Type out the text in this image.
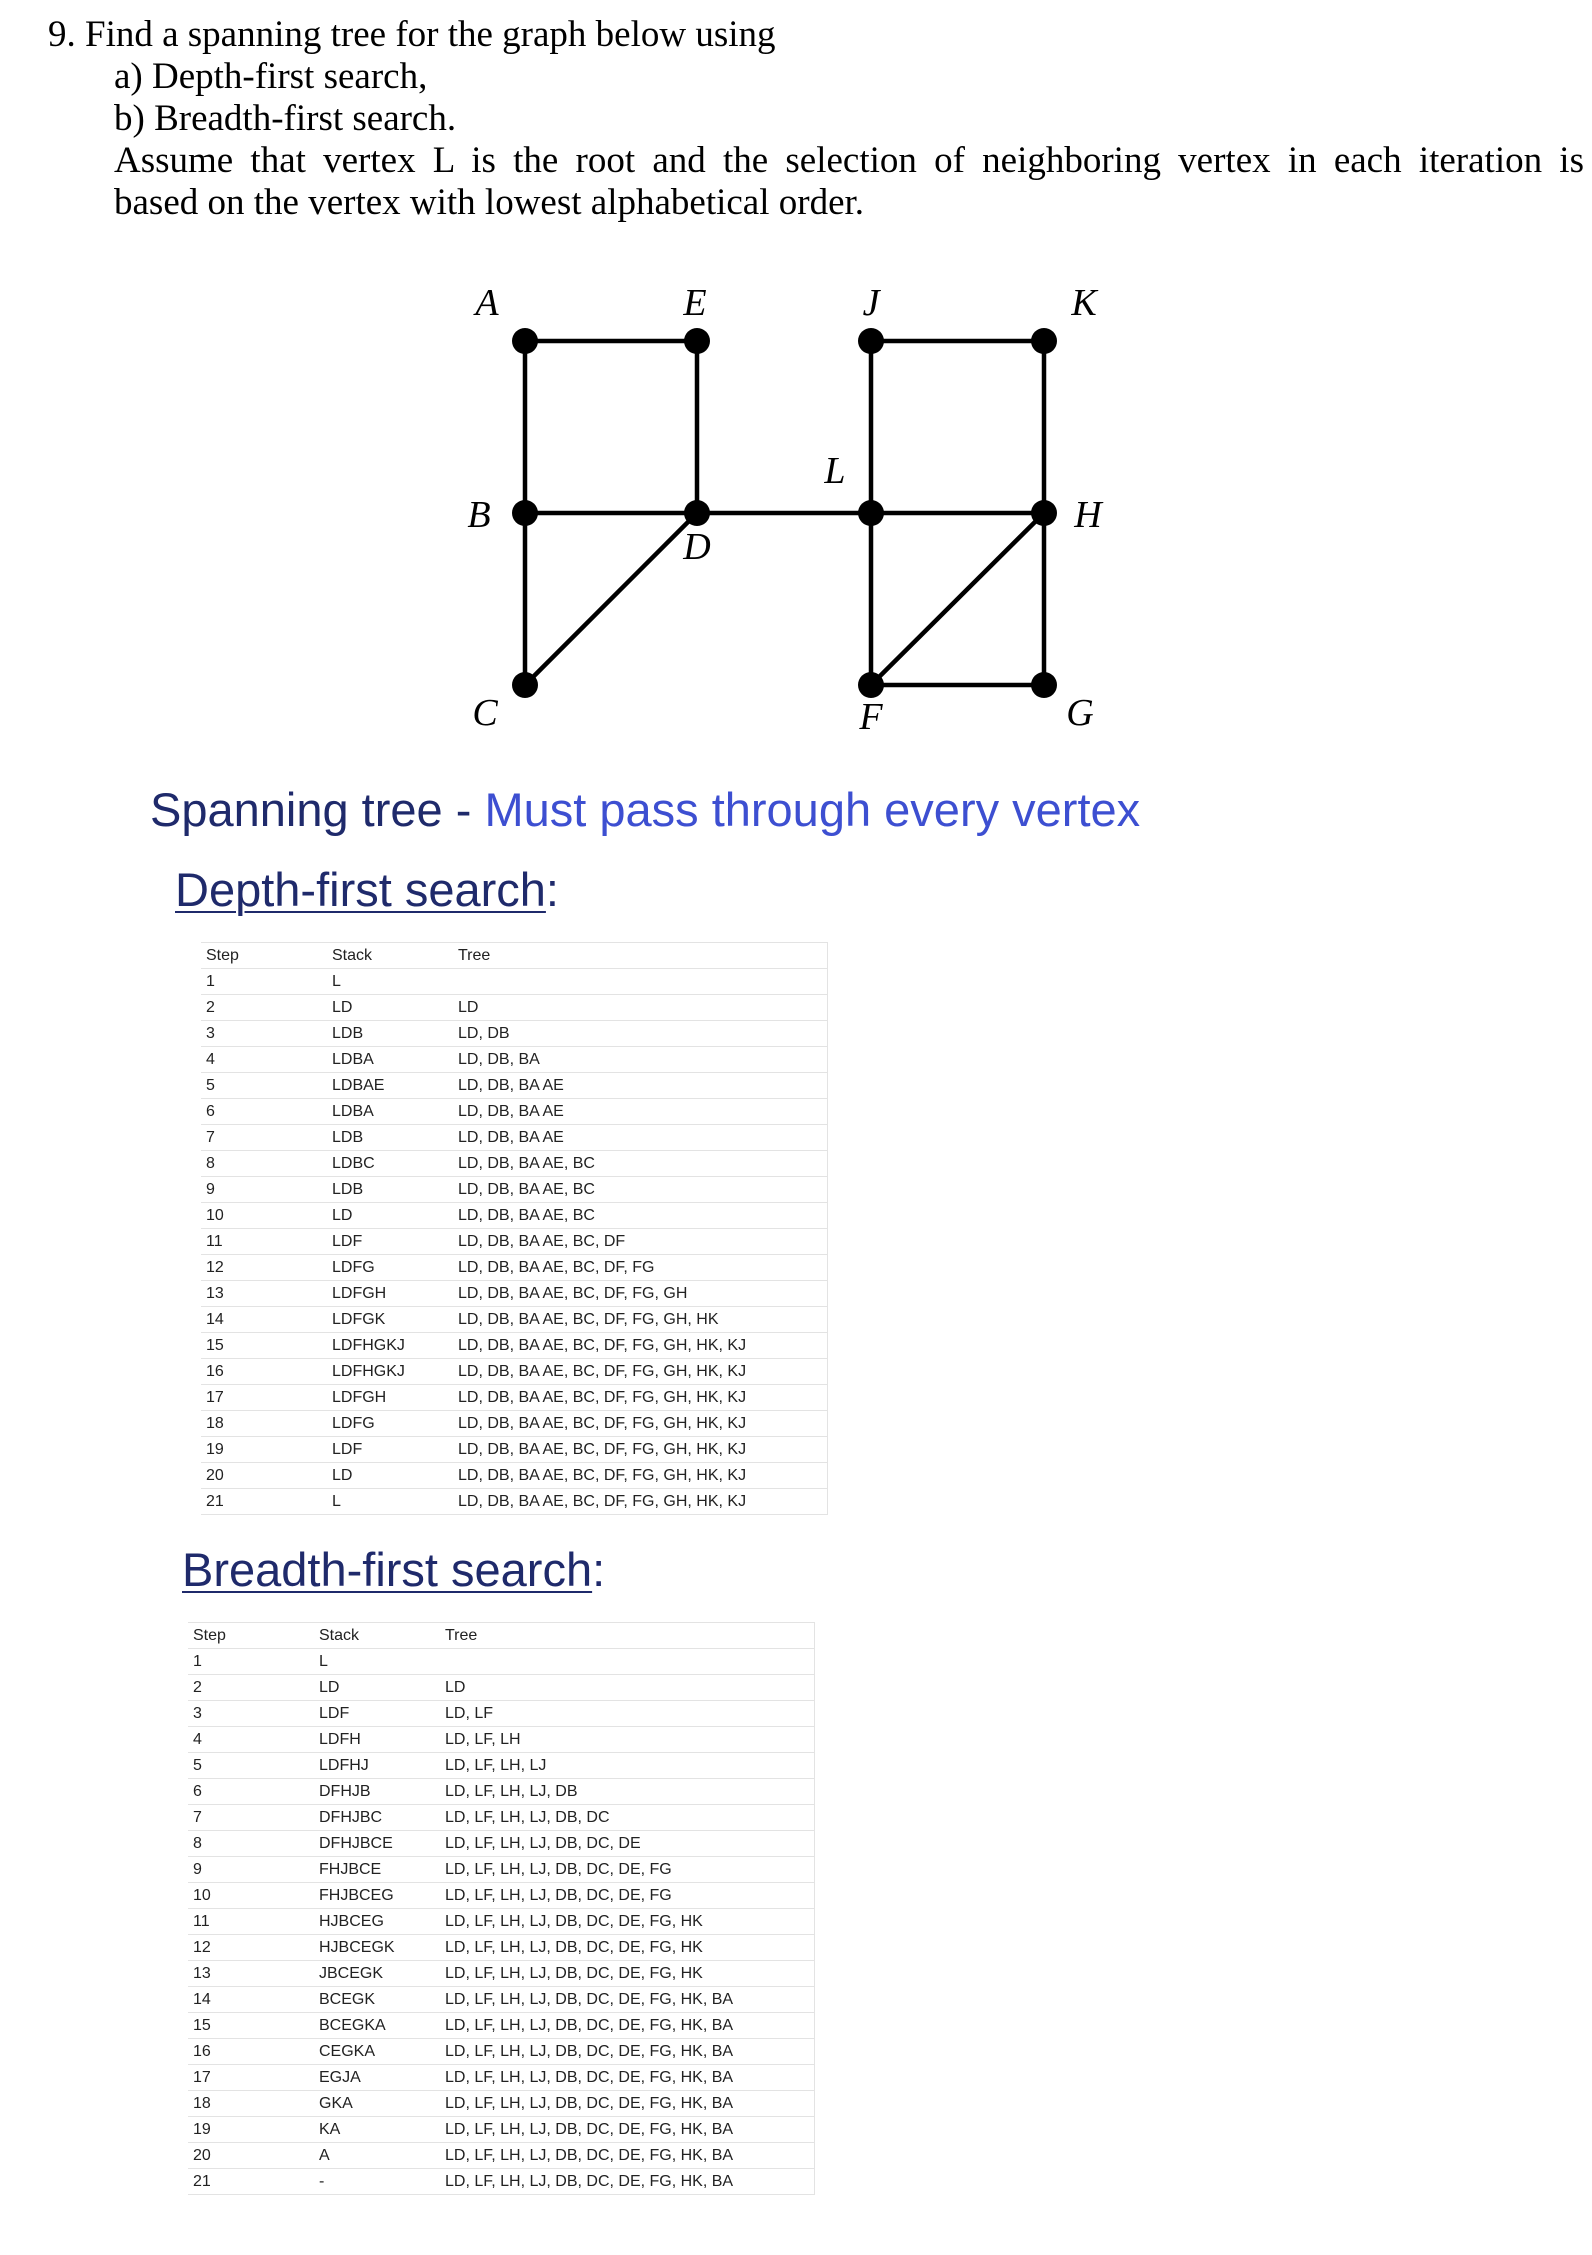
9. Find a spanning tree for the graph below using
a) Depth-first search,
b) Breadth-first search.
Assume that vertex L is the root and the selection of neighboring vertex in each iteration is
based on the vertex with lowest alphabetical order.
A	E	J	K
B
D
L
H
C	F	G
Spanning tree - Must pass through every vertex
Depth-first search:
Step	Stack	Tree
1	L	
2	LD	LD
3	LDB	LD, DB
4	LDBA	LD, DB, BA
5	LDBAE	LD, DB, BA AE
6	LDBA	LD, DB, BA AE
7	LDB	LD, DB, BA AE
8	LDBC	LD, DB, BA AE, BC
9	LDB	LD, DB, BA AE, BC
10	LD	LD, DB, BA AE, BC
11	LDF	LD, DB, BA AE, BC, DF
12	LDFG	LD, DB, BA AE, BC, DF, FG
13	LDFGH	LD, DB, BA AE, BC, DF, FG, GH
14	LDFGK	LD, DB, BA AE, BC, DF, FG, GH, HK
15	LDFHGKJ	LD, DB, BA AE, BC, DF, FG, GH, HK, KJ
16	LDFHGKJ	LD, DB, BA AE, BC, DF, FG, GH, HK, KJ
17	LDFGH	LD, DB, BA AE, BC, DF, FG, GH, HK, KJ
18	LDFG	LD, DB, BA AE, BC, DF, FG, GH, HK, KJ
19	LDF	LD, DB, BA AE, BC, DF, FG, GH, HK, KJ
20	LD	LD, DB, BA AE, BC, DF, FG, GH, HK, KJ
21	L	LD, DB, BA AE, BC, DF, FG, GH, HK, KJ
Breadth-first search:
Step	Stack	Tree
1	L	
2	LD	LD
3	LDF	LD, LF
4	LDFH	LD, LF, LH
5	LDFHJ	LD, LF, LH, LJ
6	DFHJB	LD, LF, LH, LJ, DB
7	DFHJBC	LD, LF, LH, LJ, DB, DC
8	DFHJBCE	LD, LF, LH, LJ, DB, DC, DE
9	FHJBCE	LD, LF, LH, LJ, DB, DC, DE, FG
10	FHJBCEG	LD, LF, LH, LJ, DB, DC, DE, FG
11	HJBCEG	LD, LF, LH, LJ, DB, DC, DE, FG, HK
12	HJBCEGK	LD, LF, LH, LJ, DB, DC, DE, FG, HK
13	JBCEGK	LD, LF, LH, LJ, DB, DC, DE, FG, HK
14	BCEGK	LD, LF, LH, LJ, DB, DC, DE, FG, HK, BA
15	BCEGKA	LD, LF, LH, LJ, DB, DC, DE, FG, HK, BA
16	CEGKA	LD, LF, LH, LJ, DB, DC, DE, FG, HK, BA
17	EGJA	LD, LF, LH, LJ, DB, DC, DE, FG, HK, BA
18	GKA	LD, LF, LH, LJ, DB, DC, DE, FG, HK, BA
19	KA	LD, LF, LH, LJ, DB, DC, DE, FG, HK, BA
20	A	LD, LF, LH, LJ, DB, DC, DE, FG, HK, BA
21	-	LD, LF, LH, LJ, DB, DC, DE, FG, HK, BA
